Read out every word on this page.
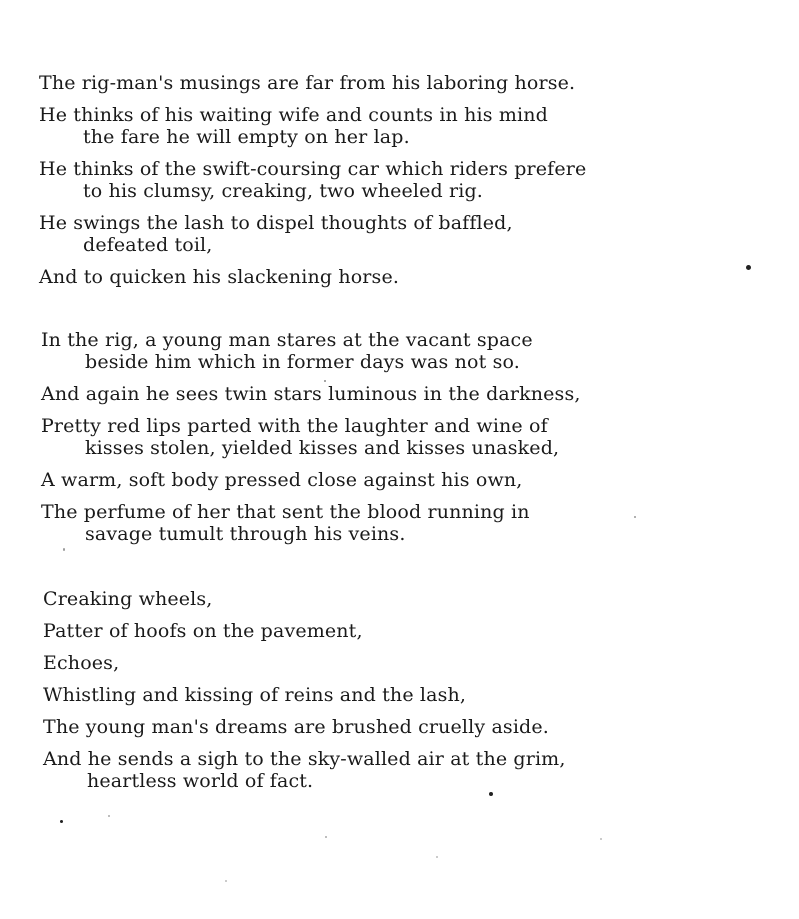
The rig-man's musings are far from his laboring horse.

He thinks of his waiting wife and counts in his mind
the fare he will empty on her lap.

He thinks of the swift-coursing car which riders prefere
to his clumsy, creaking, two wheeled rig.

He swings the lash to dispel thoughts of baffled,
defeated toil,

And to quicken his slackening horse.

In the rig, a young man stares at the vacant space
beside him which in former days was not so.

And again he sees twin stars luminous in the darkness,

Pretty red lips parted with the laughter and wine of
kisses stolen, yielded kisses and kisses unasked,

A warm, soft body pressed close against his own,

The perfume of her that sent the blood running in
savage tumult through his veins.

Creaking wheels,

Patter of hoofs on the pavement,

Echoes,

Whistling and kissing of reins and the lash,

The young man's dreams are brushed cruelly aside.

And he sends a sigh to the sky-walled air at the grim,
heartless world of fact.
